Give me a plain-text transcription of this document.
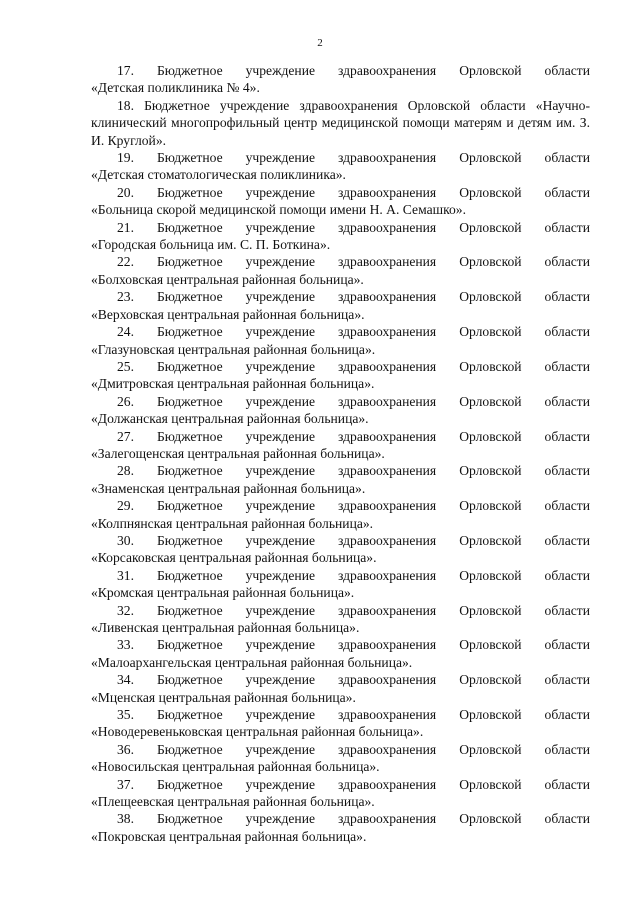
2
17. Бюджетное учреждение здравоохранения Орловской области
«Детская поликлиника № 4».
18. Бюджетное учреждение здравоохранения Орловской области «Научно-клинический многопрофильный центр медицинской помощи матерям и детям им. З. И. Круглой».
19. Бюджетное учреждение здравоохранения Орловской области
«Детская стоматологическая поликлиника».
20. Бюджетное учреждение здравоохранения Орловской области
«Больница скорой медицинской помощи имени Н. А. Семашко».
21. Бюджетное учреждение здравоохранения Орловской области
«Городская больница им. С. П. Боткина».
22. Бюджетное учреждение здравоохранения Орловской области
«Болховская центральная районная больница».
23. Бюджетное учреждение здравоохранения Орловской области
«Верховская центральная районная больница».
24. Бюджетное учреждение здравоохранения Орловской области
«Глазуновская центральная районная больница».
25. Бюджетное учреждение здравоохранения Орловской области
«Дмитровская центральная районная больница».
26. Бюджетное учреждение здравоохранения Орловской области
«Должанская центральная районная больница».
27. Бюджетное учреждение здравоохранения Орловской области
«Залегощенская центральная районная больница».
28. Бюджетное учреждение здравоохранения Орловской области
«Знаменская центральная районная больница».
29. Бюджетное учреждение здравоохранения Орловской области
«Колпнянская центральная районная больница».
30. Бюджетное учреждение здравоохранения Орловской области
«Корсаковская центральная районная больница».
31. Бюджетное учреждение здравоохранения Орловской области
«Кромская центральная районная больница».
32. Бюджетное учреждение здравоохранения Орловской области
«Ливенская центральная районная больница».
33. Бюджетное учреждение здравоохранения Орловской области
«Малоархангельская центральная районная больница».
34. Бюджетное учреждение здравоохранения Орловской области
«Мценская центральная районная больница».
35. Бюджетное учреждение здравоохранения Орловской области
«Новодеревеньковская центральная районная больница».
36. Бюджетное учреждение здравоохранения Орловской области
«Новосильская центральная районная больница».
37. Бюджетное учреждение здравоохранения Орловской области
«Плещеевская центральная районная больница».
38. Бюджетное учреждение здравоохранения Орловской области
«Покровская центральная районная больница».
